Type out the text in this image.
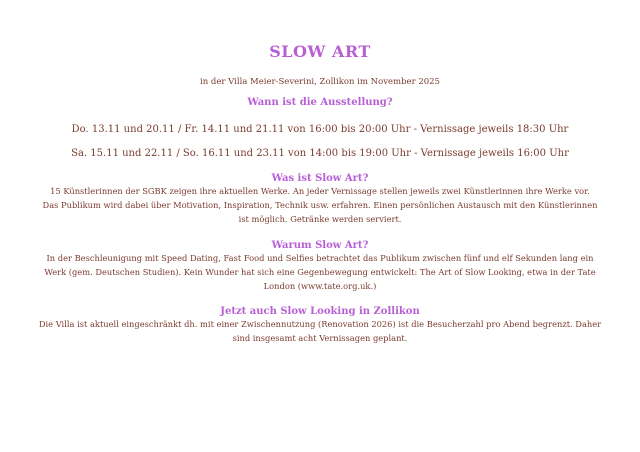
SLOW ART

in der Villa Meier-Severini, Zollikon im November 2025

Wann ist die Ausstellung?

Do. 13.11 und 20.11 / Fr. 14.11 und 21.11 von 16:00 bis 20:00 Uhr - Vernissage jeweils 18:30 Uhr

Sa. 15.11 und 22.11 / So. 16.11 und 23.11 von 14:00 bis 19:00 Uhr - Vernissage jeweils 16:00 Uhr

Was ist Slow Art?
15 Künstlerinnen der SGBK zeigen ihre aktuellen Werke. An jeder Vernissage stellen jeweils zwei Künstlerinnen ihre Werke vor.
Das Publikum wird dabei über Motivation, Inspiration, Technik usw. erfahren. Einen persönlichen Austausch mit den Künstlerinnen
ist möglich. Getränke werden serviert.
Warum Slow Art?
In der Beschleunigung mit Speed Dating, Fast Food und Selfies betrachtet das Publikum zwischen fünf und elf Sekunden lang ein
Werk (gem. Deutschen Studien). Kein Wunder hat sich eine Gegenbewegung entwickelt: The Art of Slow Looking, etwa in der Tate
London (www.tate.org.uk.)
Jetzt auch Slow Looking in Zollikon
Die Villa ist aktuell eingeschränkt dh. mit einer Zwischennutzung (Renovation 2026) ist die Besucherzahl pro Abend begrenzt. Daher
sind insgesamt acht Vernissagen geplant.
